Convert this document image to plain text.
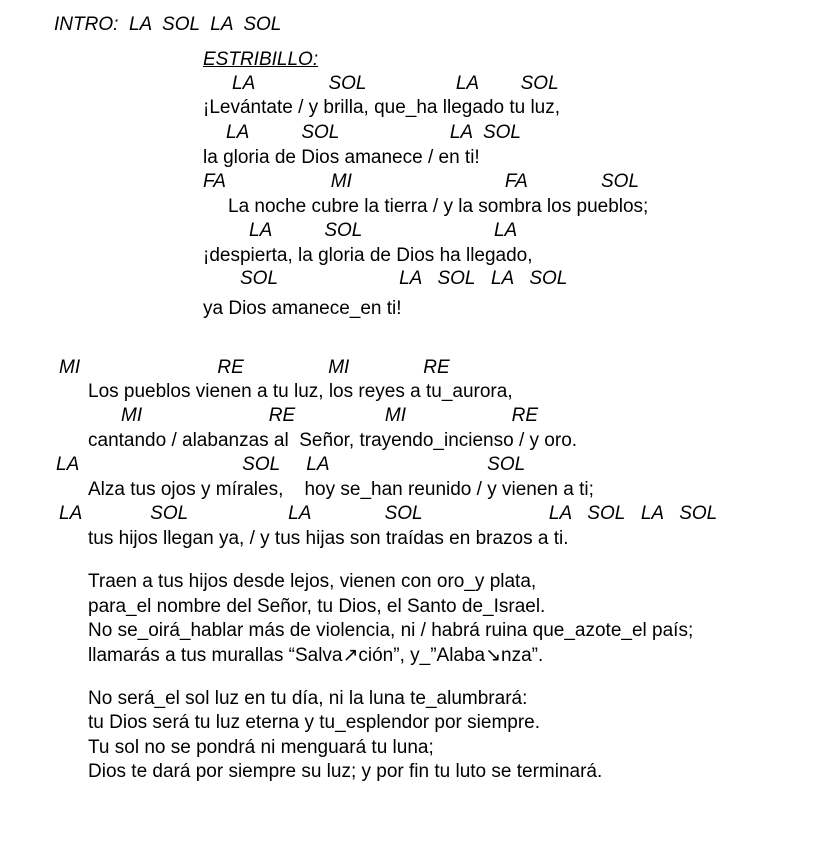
INTRO:  LA  SOL  LA  SOL
ESTRIBILLO:
LA              SOL                 LA        SOL
¡Levántate / y brilla, que_ha llegado tu luz,
LA          SOL                     LA  SOL
la gloria de Dios amanece / en ti!
FA                    MI                             FA              SOL
La noche cubre la tierra / y la sombra los pueblos;
LA          SOL                         LA
¡despierta, la gloria de Dios ha llegado,
SOL                       LA   SOL   LA   SOL
ya Dios amanece_en ti!
MI                          RE                MI              RE
Los pueblos vienen a tu luz, los reyes a tu_aurora,
MI                        RE                 MI                    RE
cantando / alabanzas al  Señor, trayendo_incienso / y oro.
LA                               SOL     LA                              SOL
Alza tus ojos y mírales,    hoy se_han reunido / y vienen a ti;
LA             SOL                   LA              SOL                        LA   SOL   LA   SOL
tus hijos llegan ya, / y tus hijas son traídas en brazos a ti.
Traen a tus hijos desde lejos, vienen con oro_y plata,
para_el nombre del Señor, tu Dios, el Santo de_Israel.
No se_oirá_hablar más de violencia, ni / habrá ruina que_azote_el país;
llamarás a tus murallas “Salva↗ción”, y_”Alaba↘nza”.
No será_el sol luz en tu día, ni la luna te_alumbrará:
tu Dios será tu luz eterna y tu_esplendor por siempre.
Tu sol no se pondrá ni menguará tu luna;
Dios te dará por siempre su luz; y por fin tu luto se terminará.
